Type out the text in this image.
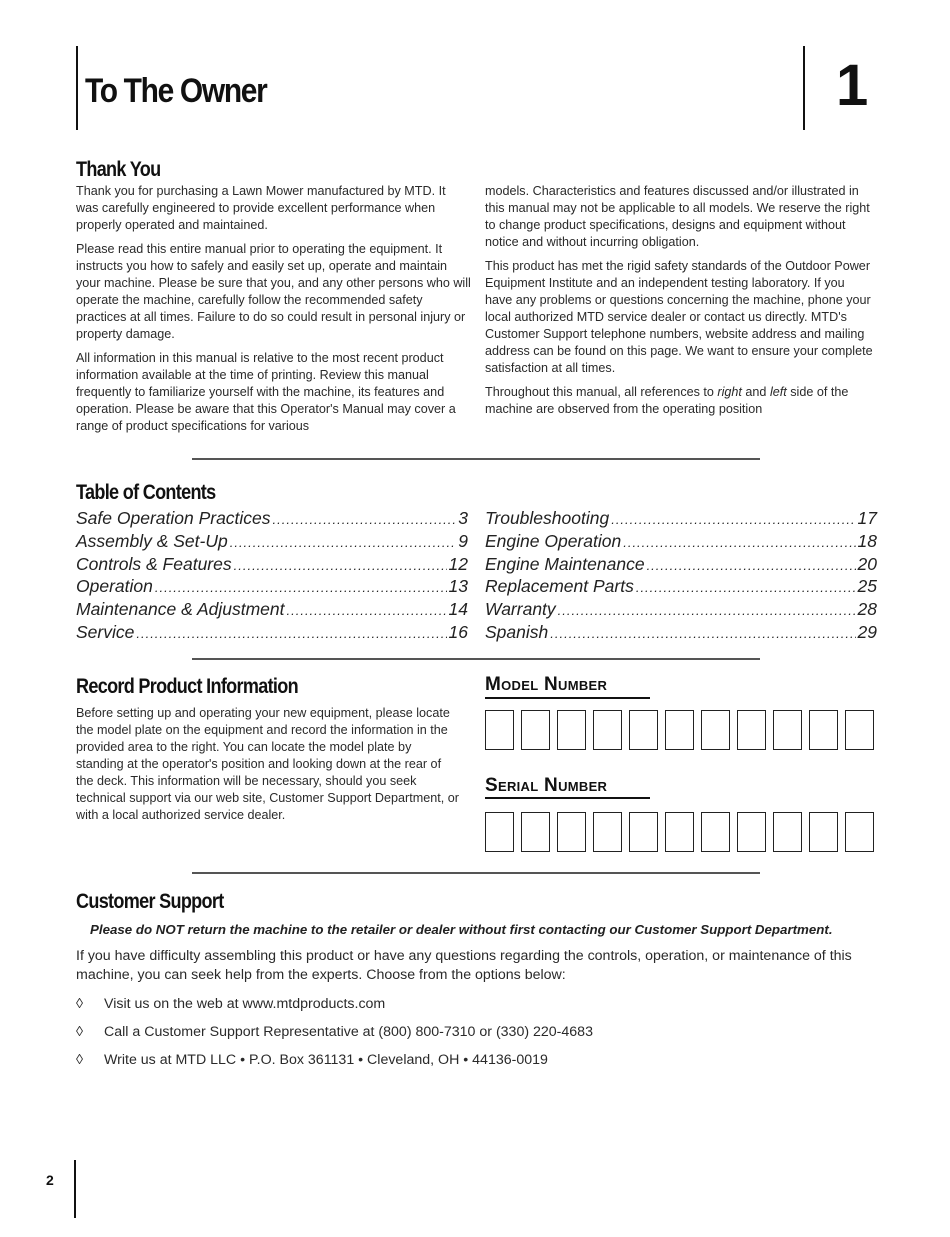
To The Owner	1
Thank You

Thank you for purchasing a Lawn Mower manufactured by MTD. It was carefully engineered to provide excellent performance when properly operated and maintained.

Please read this entire manual prior to operating the equipment. It instructs you how to safely and easily set up, operate and maintain your machine. Please be sure that you, and any other persons who will operate the machine, carefully follow the recommended safety practices at all times. Failure to do so could result in personal injury or property damage.

All information in this manual is relative to the most recent product information available at the time of printing. Review this manual frequently to familiarize yourself with the machine, its features and operation. Please be aware that this Operator's Manual may cover a range of product specifications for various

models. Characteristics and features discussed and/or illustrated in this manual may not be applicable to all models. We reserve the right to change product specifications, designs and equipment without notice and without incurring obligation.

This product has met the rigid safety standards of the Outdoor Power Equipment Institute and an independent testing laboratory. If you have any problems or questions concerning the machine, phone your local authorized MTD service dealer or contact us directly. MTD's Customer Support telephone numbers, website address and mailing address can be found on this page. We want to ensure your complete satisfaction at all times.

Throughout this manual, all references to right and left side of the machine are observed from the operating position

Table of Contents
Safe Operation Practices .....	3
Assembly & Set-Up .....	9
Controls & Features .....	12
Operation .....	13
Maintenance & Adjustment .....	14
Service .....	16
Troubleshooting .....	17
Engine Operation .....	18
Engine Maintenance .....	20
Replacement Parts .....	25
Warranty .....	28
Spanish .....	29
Record Product Information
Before setting up and operating your new equipment, please locate the model plate on the equipment and record the information in the provided area to the right. You can locate the model plate by standing at the operator's position and looking down at the rear of the deck. This information will be necessary, should you seek technical support via our web site, Customer Support Department, or with a local authorized service dealer.
Model Number
Serial Number
Customer Support
Please do NOT return the machine to the retailer or dealer without first contacting our Customer Support Department.
If you have difficulty assembling this product or have any questions regarding the controls, operation, or maintenance of this machine, you can seek help from the experts. Choose from the options below:
◊	Visit us on the web at www.mtdproducts.com
◊	Call a Customer Support Representative at (800) 800-7310 or (330) 220-4683
◊	Write us at MTD LLC • P.O. Box 361131 • Cleveland, OH • 44136-0019
2
